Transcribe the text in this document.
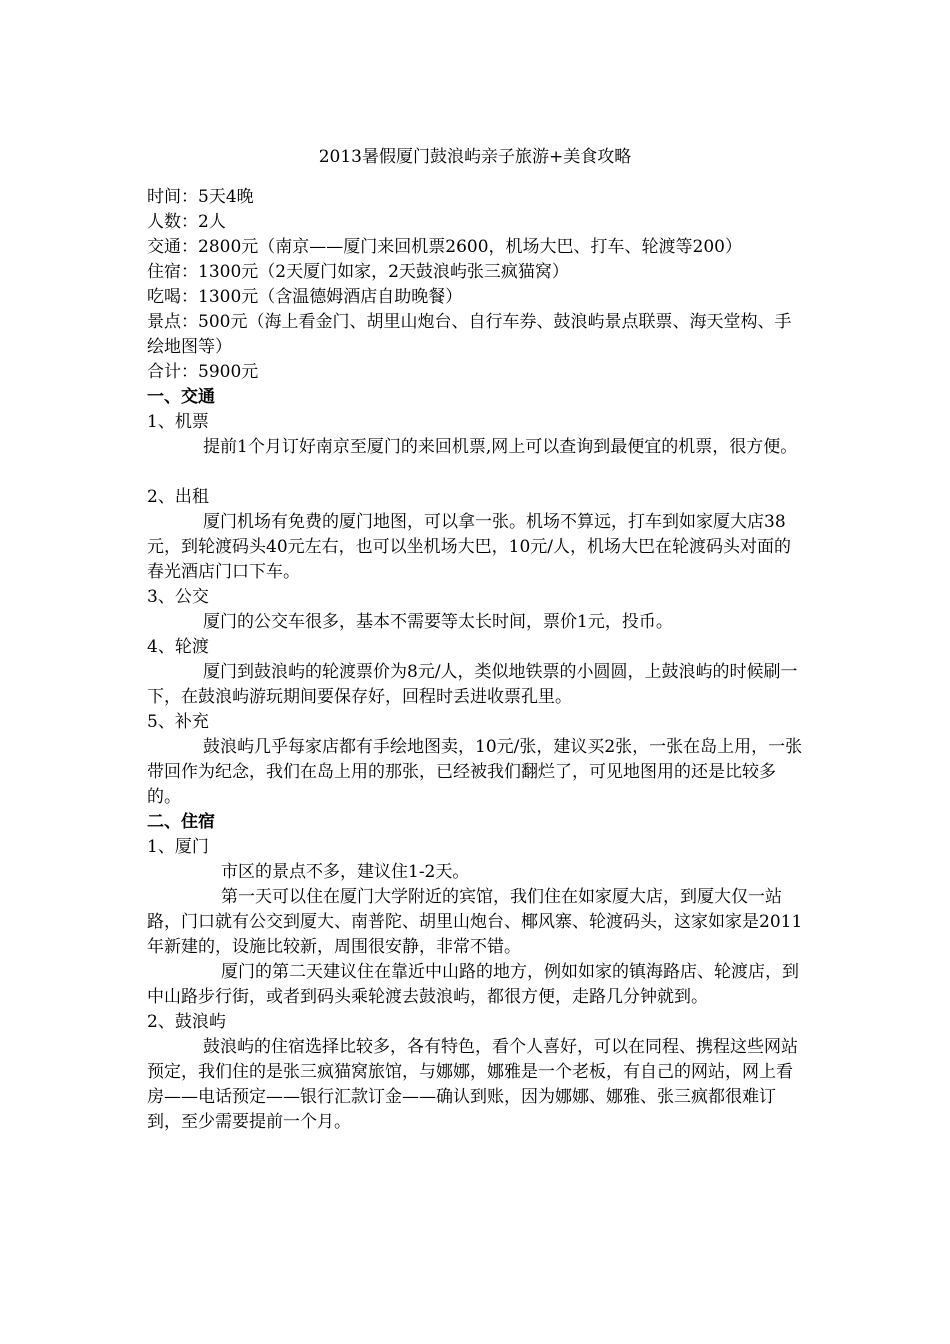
2013暑假厦门鼓浪屿亲子旅游+美食攻略

时间：5天4晚

人数：2人

交通：2800元（南京——厦门来回机票2600，机场大巴、打车、轮渡等200）

住宿：1300元（2天厦门如家，2天鼓浪屿张三疯猫窝）

吃喝：1300元（含温德姆酒店自助晚餐）

景点：500元（海上看金门、胡里山炮台、自行车券、鼓浪屿景点联票、海天堂构、手绘地图等）

合计：5900元

一、交通

1、机票

提前1个月订好南京至厦门的来回机票,网上可以查询到最便宜的机票，很方便。

2、出租

厦门机场有免费的厦门地图，可以拿一张。机场不算远，打车到如家厦大店38元，到轮渡码头40元左右，也可以坐机场大巴，10元/人，机场大巴在轮渡码头对面的春光酒店门口下车。

3、公交

厦门的公交车很多，基本不需要等太长时间，票价1元，投币。

4、轮渡

厦门到鼓浪屿的轮渡票价为8元/人，类似地铁票的小圆圆，上鼓浪屿的时候刷一下，在鼓浪屿游玩期间要保存好，回程时丢进收票孔里。

5、补充

鼓浪屿几乎每家店都有手绘地图卖，10元/张，建议买2张，一张在岛上用，一张带回作为纪念，我们在岛上用的那张，已经被我们翻烂了，可见地图用的还是比较多的。

二、住宿

1、厦门

市区的景点不多，建议住1-2天。

第一天可以住在厦门大学附近的宾馆，我们住在如家厦大店，到厦大仅一站路，门口就有公交到厦大、南普陀、胡里山炮台、椰风寨、轮渡码头，这家如家是2011年新建的，设施比较新，周围很安静，非常不错。

厦门的第二天建议住在靠近中山路的地方，例如如家的镇海路店、轮渡店，到中山路步行街，或者到码头乘轮渡去鼓浪屿，都很方便，走路几分钟就到。

2、鼓浪屿

鼓浪屿的住宿选择比较多，各有特色，看个人喜好，可以在同程、携程这些网站预定，我们住的是张三疯猫窝旅馆，与娜娜，娜雅是一个老板，有自己的网站，网上看房——电话预定——银行汇款订金——确认到账，因为娜娜、娜雅、张三疯都很难订到，至少需要提前一个月。
